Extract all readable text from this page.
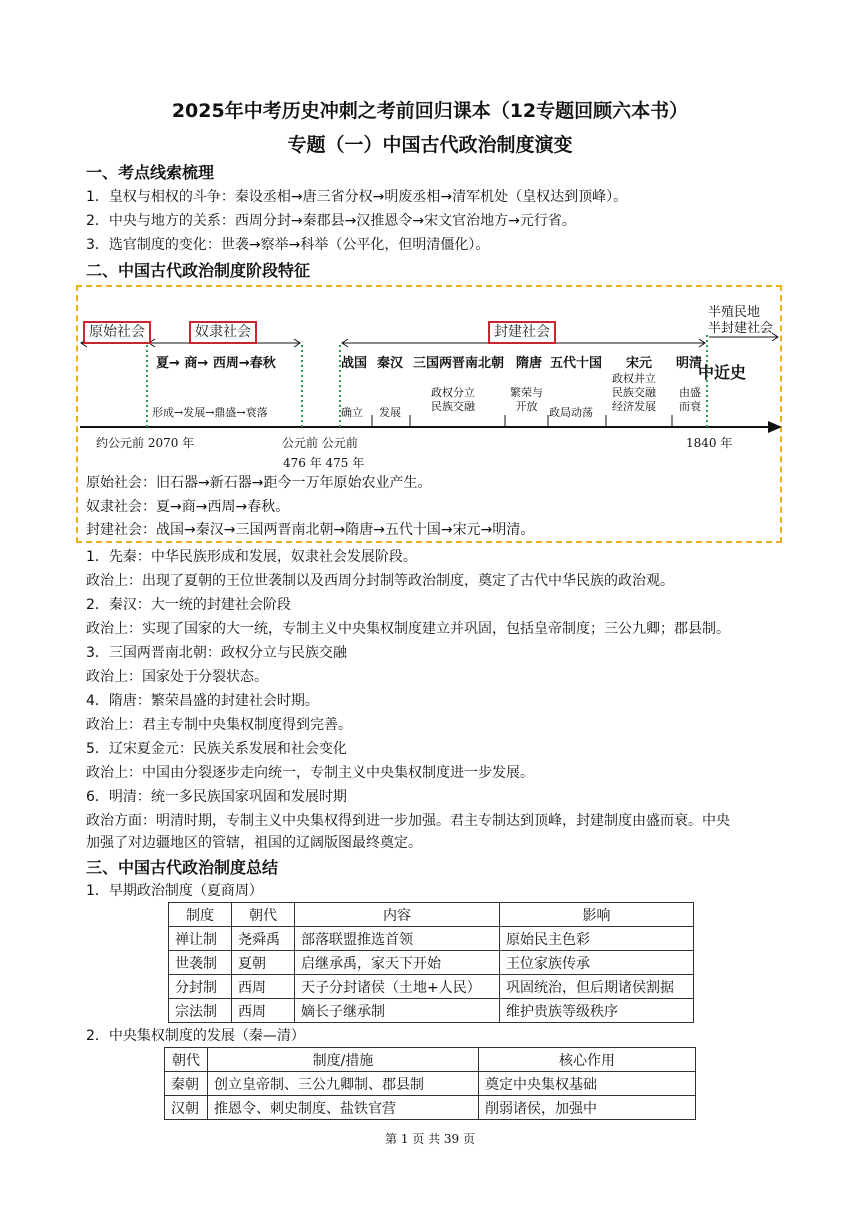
2025年中考历史冲刺之考前回归课本（12专题回顾六本书）
专题（一）中国古代政治制度演变
一、考点线索梳理
1．皇权与相权的斗争：秦设丞相→唐三省分权→明废丞相→清军机处（皇权达到顶峰）。
2．中央与地方的关系：西周分封→秦郡县→汉推恩令→宋文官治地方→元行省。
3．选官制度的变化：世袭→察举→科举（公平化，但明清僵化）。
二、中国古代政治制度阶段特征
原始社会	奴隶社会	封建社会
半殖民地
半封建社会
中近史
夏→ 商→ 西周→春秋
形成→发展→鼎盛→衰落
战国 秦汉 三国两晋南北朝 隋唐 五代十国 宋元 明清
确立 发展
政权分立
民族交融
繁荣与
开放	政局动荡
政权并立
民族交融
经济发展
由盛
而衰
约公元前 2070 年	公元前 公元前
476 年 475 年
1840 年
原始社会：旧石器→新石器→距今一万年原始农业产生。
奴隶社会：夏→商→西周→春秋。
封建社会：战国→秦汉→三国两晋南北朝→隋唐→五代十国→宋元→明清。
1．先秦：中华民族形成和发展，奴隶社会发展阶段。
政治上：出现了夏朝的王位世袭制以及西周分封制等政治制度，奠定了古代中华民族的政治观。
2．秦汉：大一统的封建社会阶段
政治上：实现了国家的大一统，专制主义中央集权制度建立并巩固，包括皇帝制度；三公九卿；郡县制。
3．三国两晋南北朝：政权分立与民族交融
政治上：国家处于分裂状态。
4．隋唐：繁荣昌盛的封建社会时期。
政治上：君主专制中央集权制度得到完善。
5．辽宋夏金元：民族关系发展和社会变化
政治上：中国由分裂逐步走向统一，专制主义中央集权制度进一步发展。
6．明清：统一多民族国家巩固和发展时期
政治方面：明清时期，专制主义中央集权得到进一步加强。君主专制达到顶峰，封建制度由盛而衰。中央
加强了对边疆地区的管辖，祖国的辽阔版图最终奠定。
三、中国古代政治制度总结
1．早期政治制度（夏商周）
制度	朝代	内容	影响
禅让制	尧舜禹	部落联盟推选首领	原始民主色彩
世袭制	夏朝	启继承禹，家天下开始	王位家族传承
分封制	西周	天子分封诸侯（土地+人民）	巩固统治，但后期诸侯割据
宗法制	西周	嫡长子继承制	维护贵族等级秩序
2．中央集权制度的发展（秦—清）
朝代	制度/措施	核心作用
秦朝	创立皇帝制、三公九卿制、郡县制	奠定中央集权基础
汉朝	推恩令、刺史制度、盐铁官营	削弱诸侯，加强中
第 1 页 共 39 页
